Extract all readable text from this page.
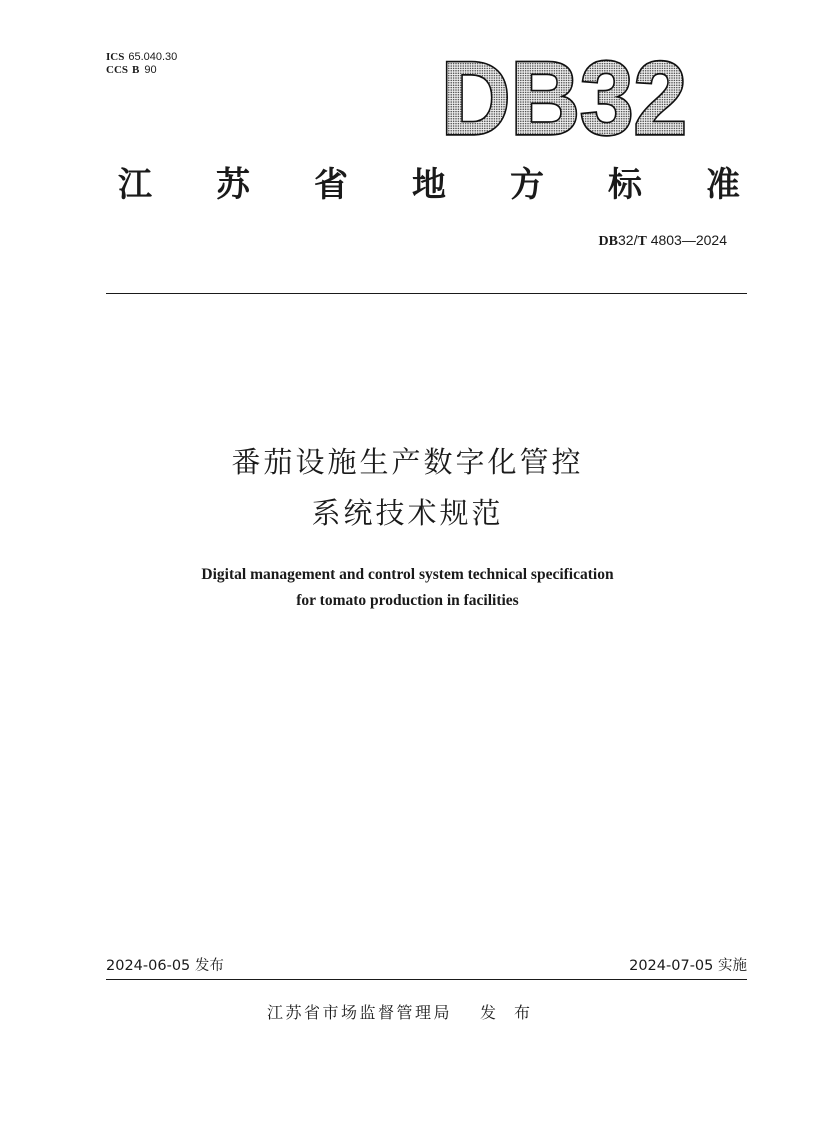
ICS 65.040.30
CCS B 90	DB32
江 苏 省 地 方 标 准
DB32/T 4803—2024
番茄设施生产数字化管控
系统技术规范
Digital management and control system technical specification
for tomato production in facilities
2024-06-05 发布	2024-07-05 实施
江苏省市场监督管理局 发布
